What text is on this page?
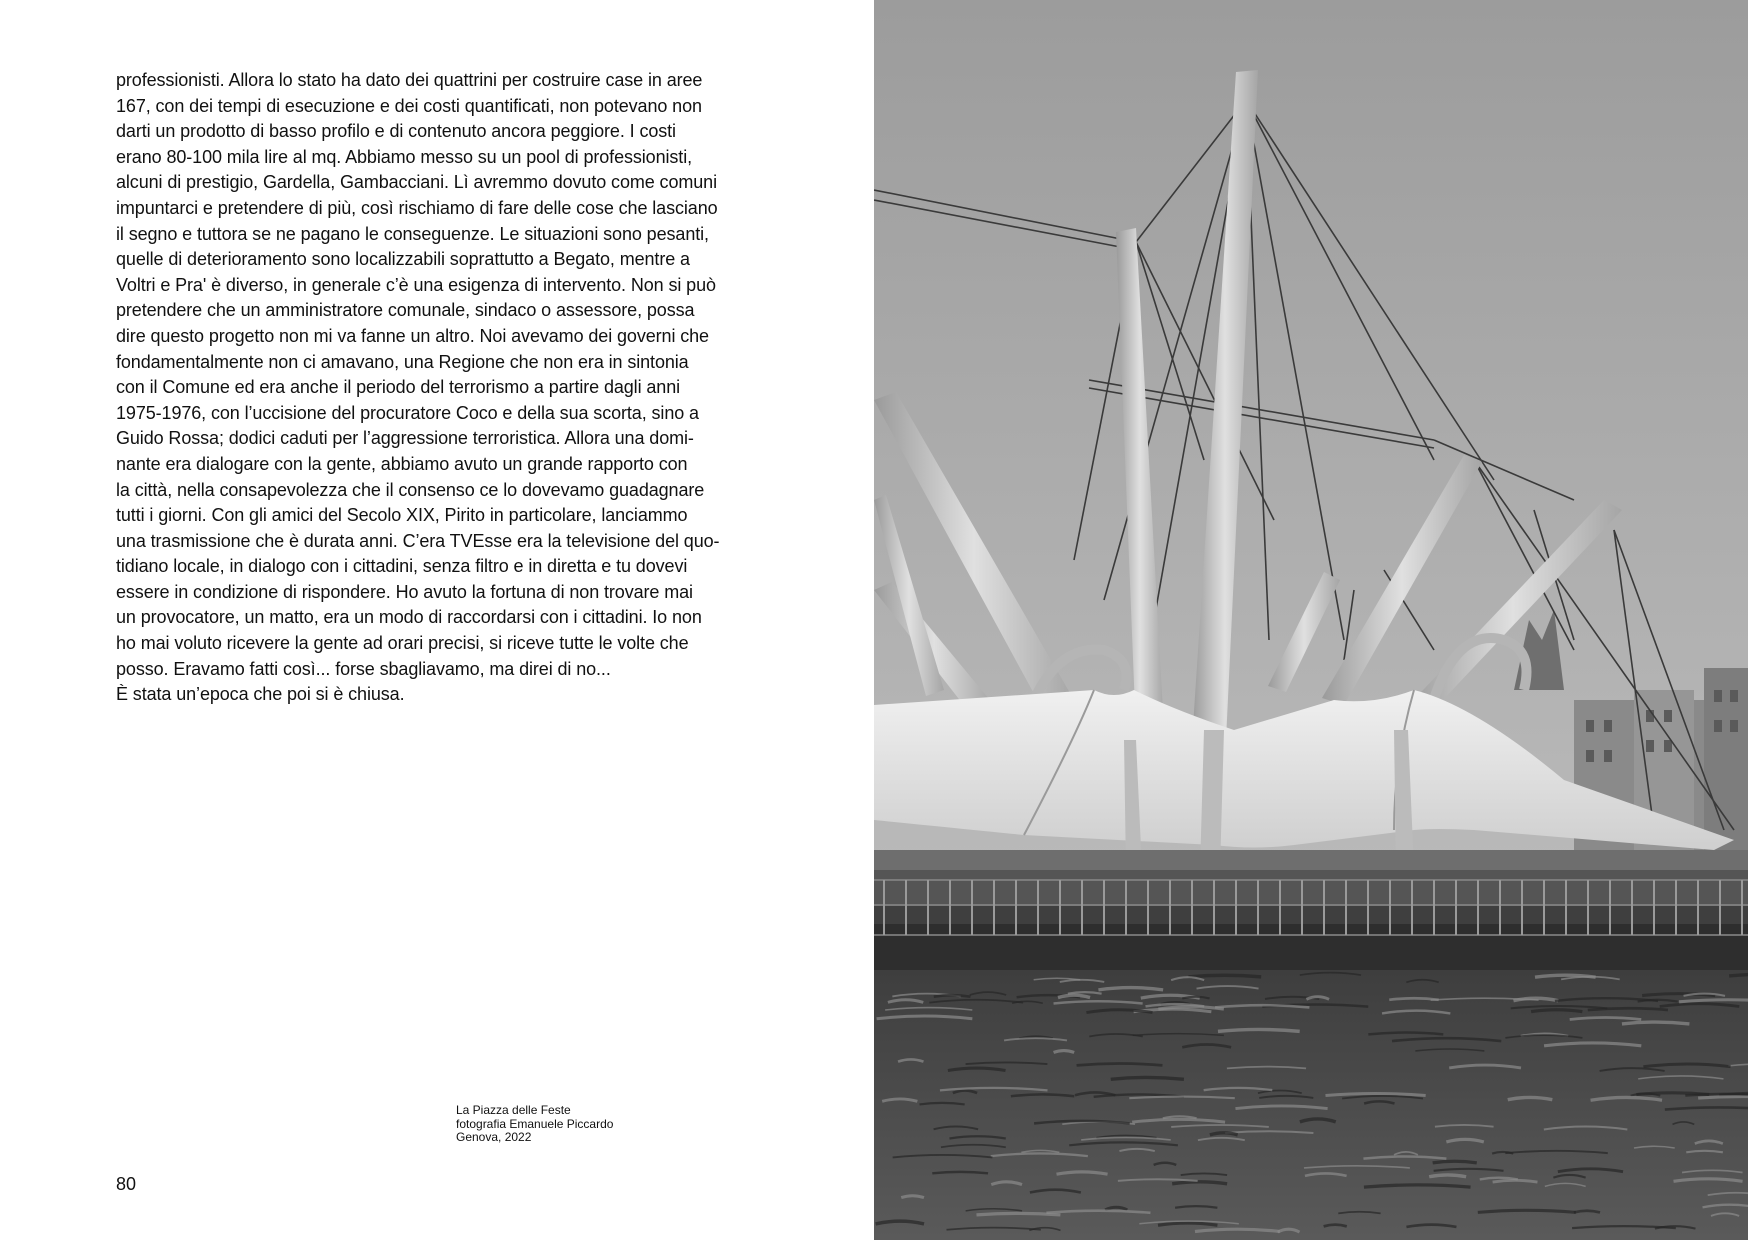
professionisti. Allora lo stato ha dato dei quattrini per costruire case in aree
167, con dei tempi di esecuzione e dei costi quantificati, non potevano non
darti un prodotto di basso profilo e di contenuto ancora peggiore. I costi
erano 80-100 mila lire al mq. Abbiamo messo su un pool di professionisti,
alcuni di prestigio, Gardella, Gambacciani. Lì avremmo dovuto come comuni
impuntarci e pretendere di più, così rischiamo di fare delle cose che lasciano
il segno e tuttora se ne pagano le conseguenze. Le situazioni sono pesanti,
quelle di deterioramento sono localizzabili soprattutto a Begato, mentre a
Voltri e Pra' è diverso, in generale c’è una esigenza di intervento. Non si può
pretendere che un amministratore comunale, sindaco o assessore, possa
dire questo progetto non mi va fanne un altro. Noi avevamo dei governi che
fondamentalmente non ci amavano, una Regione che non era in sintonia
con il Comune ed era anche il periodo del terrorismo a partire dagli anni
1975-1976, con l’uccisione del procuratore Coco e della sua scorta, sino a
Guido Rossa; dodici caduti per l’aggressione terroristica. Allora una domi-
nante era dialogare con la gente, abbiamo avuto un grande rapporto con
la città, nella consapevolezza che il consenso ce lo dovevamo guadagnare
tutti i giorni. Con gli amici del Secolo XIX, Pirito in particolare, lanciammo
una trasmissione che è durata anni. C’era TVEsse era la televisione del quo-
tidiano locale, in dialogo con i cittadini, senza filtro e in diretta e tu dovevi
essere in condizione di rispondere. Ho avuto la fortuna di non trovare mai
un provocatore, un matto, era un modo di raccordarsi con i cittadini. Io non
ho mai voluto ricevere la gente ad orari precisi, si riceve tutte le volte che
posso. Eravamo fatti così... forse sbagliavamo, ma direi di no...
È stata un’epoca che poi si è chiusa.
La Piazza delle Feste
fotografia Emanuele Piccardo
Genova, 2022
80
